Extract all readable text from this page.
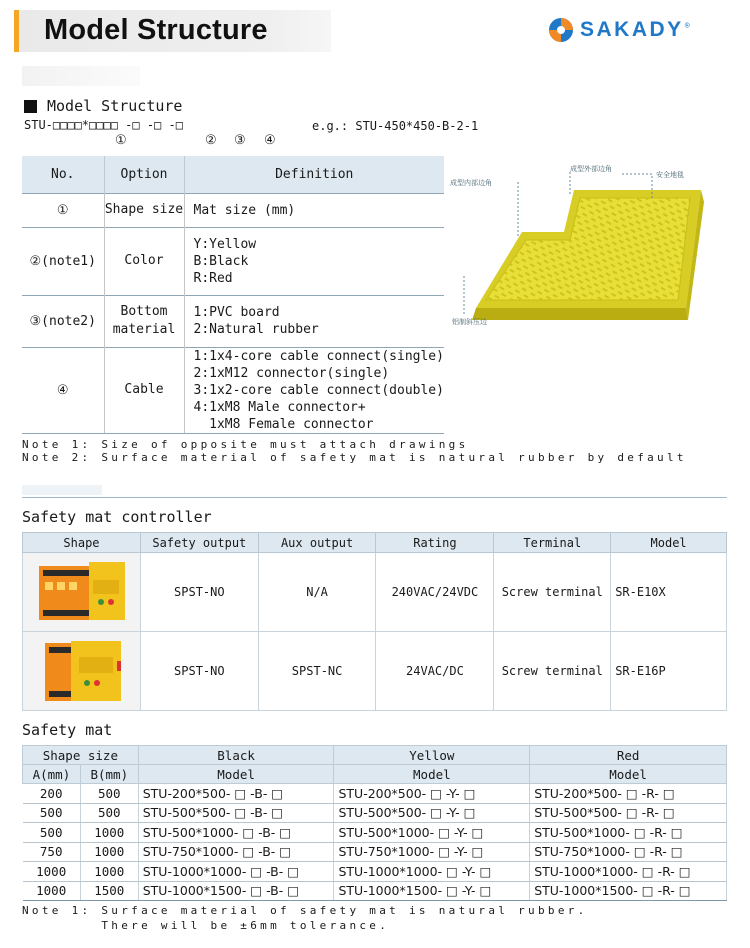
Model Structure	SAKADY ®
Model Structure
STU-□□□□*□□□□ -□ -□ -□	e.g.: STU-450*450-B-2-1
①	② ③ ④
No.	Option	Definition
①	Shape size	Mat size (mm)
②(note1)	Color	Y:Yellow
B:Black
R:Red
③(note2)	Bottom
material	1:PVC board
2:Natural rubber
④	Cable	1:1x4-core cable connect(single)
2:1xM12 connector(single)
3:1x2-core cable connect(double)
4:1xM8 Male connector+
1xM8 Female connector
Note 1: Size of opposite must attach drawings
Note 2: Surface material of safety mat is natural rubber by default
成型内部边角
成型外部边角
安全地毯
铝制斜压边
Safety mat controller
Shape	Safety output	Aux output	Rating	Terminal	Model
	SPST-NO	N/A	240VAC/24VDC	Screw terminal	SR-E10X
	SPST-NO	SPST-NC	24VAC/DC	Screw terminal	SR-E16P
Safety mat
Shape size		Black	Yellow	Red
A(mm)	B(mm)	Model	Model	Model
200	500	STU-200*500- □ -B- □	STU-200*500- □ -Y- □	STU-200*500- □ -R- □
500	500	STU-500*500- □ -B- □	STU-500*500- □ -Y- □	STU-500*500- □ -R- □
500	1000	STU-500*1000- □ -B- □	STU-500*1000- □ -Y- □	STU-500*1000- □ -R- □
750	1000	STU-750*1000- □ -B- □	STU-750*1000- □ -Y- □	STU-750*1000- □ -R- □
1000	1000	STU-1000*1000- □ -B- □	STU-1000*1000- □ -Y- □	STU-1000*1000- □ -R- □
1000	1500	STU-1000*1500- □ -B- □	STU-1000*1500- □ -Y- □	STU-1000*1500- □ -R- □
Note 1: Surface material of safety mat is natural rubber.
There will be ±6mm tolerance.
